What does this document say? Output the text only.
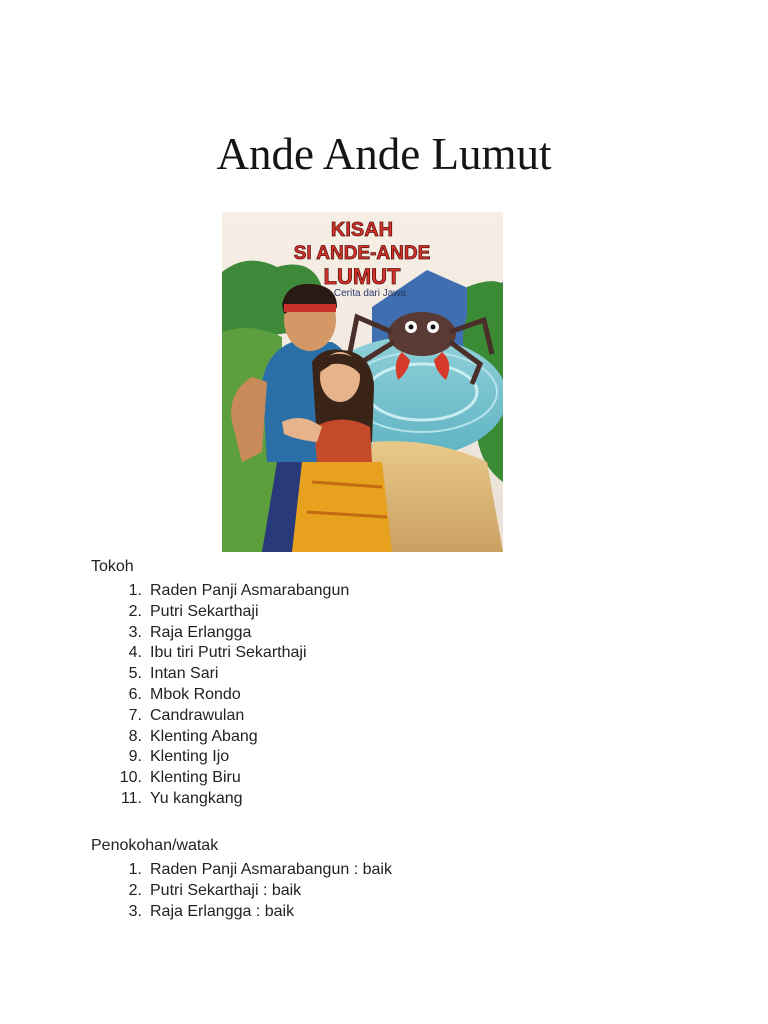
Ande Ande Lumut
KISAH
SI ANDE-ANDE
LUMUT
Cerita dari Jawa
Tokoh
1. Raden Panji Asmarabangun
2. Putri Sekarthaji
3. Raja Erlangga
4. Ibu tiri Putri Sekarthaji
5. Intan Sari
6. Mbok Rondo
7. Candrawulan
8. Klenting Abang
9. Klenting Ijo
10. Klenting Biru
11. Yu kangkang
Penokohan/watak
1. Raden Panji Asmarabangun : baik
2. Putri Sekarthaji : baik
3. Raja Erlangga : baik
